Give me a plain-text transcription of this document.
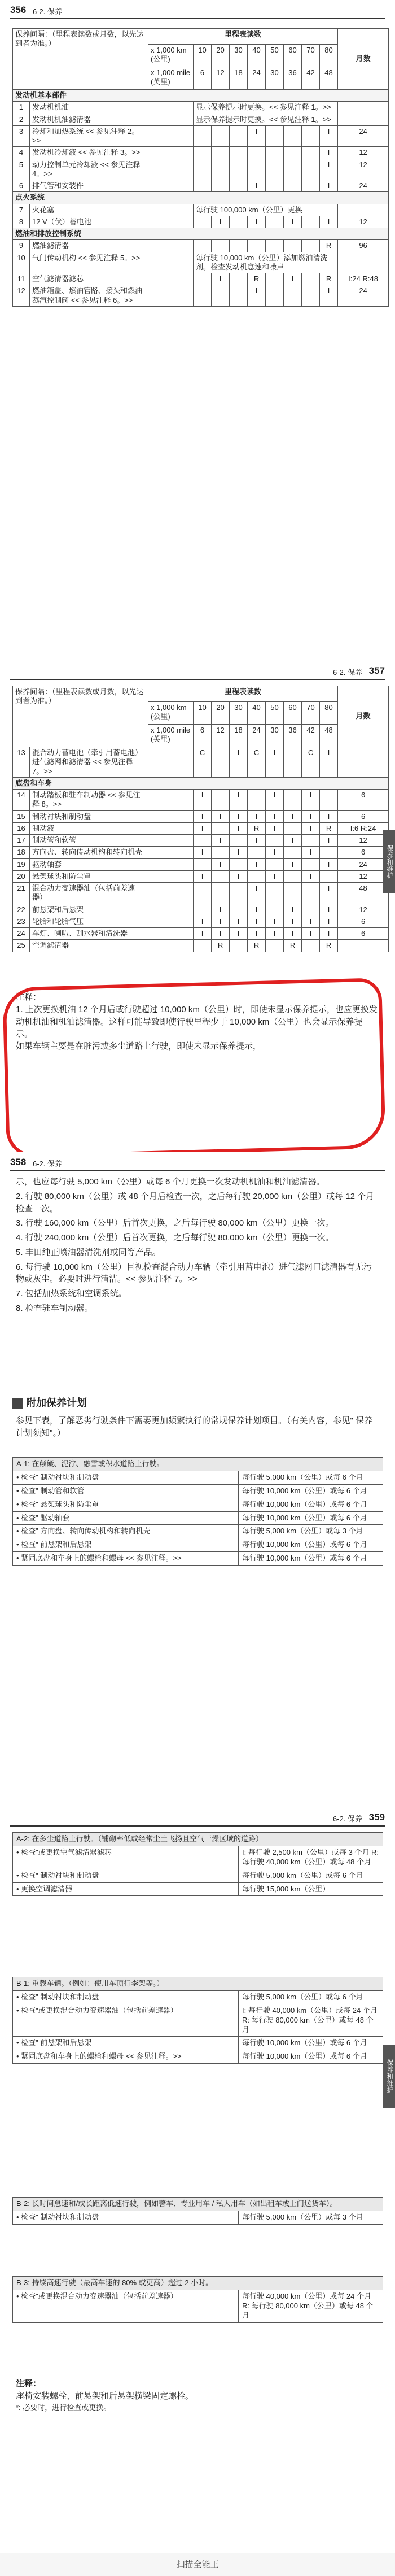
356 6-2. 保养
保养间隔：（里程表读数或月数，以先达到者为准。）		里程表读数									月数
		x 1,000 km (公里)	10	20	30	40	50	60	70	80	
		x 1,000 mile (英里)	6	12	18	24	30	36	42	48	
发动机基本部件											
1	发动机机油		显示保养提示时更换。<< 参见注释 1。>>								
2	发动机机油滤清器		显示保养提示时更换。<< 参见注释 1。>>								
3	冷却和加热系统 << 参见注释 2。>>					I				I	24
4	发动机冷却液 << 参见注释 3。>>									I	12
5	动力控制单元冷却液 << 参见注释 4。>>									I	12
6	排气管和安装件					I				I	24
点火系统											
7	火花塞		每行驶 100,000 km（公里）更换								
8	12 V（伏）蓄电池			I		I		I		I	12
燃油和排放控制系统											
9	燃油滤清器									R	96
10	气门传动机构 << 参见注释 5。>>		每行驶 10,000 km（公里）添加燃油清洗剂。检查发动机怠速和噪声								
11	空气滤清器滤芯			I		R		I		R	I:24 R:48
12	燃油箱盖、燃油管路、接头和燃油蒸汽控制阀 << 参见注释 6。>>					I				I	24
6-2. 保养 357
保养间隔：（里程表读数或月数，以先达到者为准。）		里程表读数									月数
		x 1,000 km (公里)	10	20	30	40	50	60	70	80	
		x 1,000 mile (英里)	6	12	18	24	30	36	42	48	
13	混合动力蓄电池（牵引用蓄电池）进气滤网和滤清器 << 参见注释 7。>>		C		I	C	I		C	I	
底盘和车身											
14	制动踏板和驻车制动器 << 参见注释 8。>>		I		I		I		I		6
15	制动衬块和制动盘		I	I	I	I	I	I	I	I	6
16	制动液		I		I	R	I		I	R	I:6 R:24
17	制动管和软管			I		I		I		I	12
18	方向盘、转向传动机构和转向机壳		I		I		I		I		6
19	驱动轴套			I		I		I		I	24
20	悬架球头和防尘罩		I		I		I		I		12
21	混合动力变速器油（包括前差速器）					I				I	48
22	前悬架和后悬架			I		I		I		I	12
23	轮胎和轮胎气压		I	I	I	I	I	I	I	I	6
24	车灯、喇叭、刮水器和清洗器		I	I	I	I	I	I	I	I	6
25	空调滤清器			R		R		R		R	
保养和维护
注释：
1. 上次更换机油 12 个月后或行驶超过 10,000 km（公里）时，即使未显示保养提示，也应更换发动机机油和机油滤清器。这样可能导致即使行驶里程少于 10,000 km（公里）也会显示保养提示。
如果车辆主要是在脏污或多尘道路上行驶，即使未显示保养提示，
358 6-2. 保养
示，也应每行驶 5,000 km（公里）或每 6 个月更换一次发动机机油和机油滤清器。
2. 行驶 80,000 km（公里）或 48 个月后检查一次，之后每行驶 20,000 km（公里）或每 12 个月检查一次。
3. 行驶 160,000 km（公里）后首次更换，之后每行驶 80,000 km（公里）更换一次。
4. 行驶 240,000 km（公里）后首次更换，之后每行驶 80,000 km（公里）更换一次。
5. 丰田纯正喷油器清洗剂或同等产品。
6. 每行驶 10,000 km（公里）目视检查混合动力车辆（牵引用蓄电池）进气滤网口滤清器有无污物或灰尘。必要时进行清洁。<< 参见注释 7。>>
7. 包括加热系统和空调系统。
8. 检查驻车制动器。
附加保养计划
参见下表，了解恶劣行驶条件下需要更加频繁执行的常规保养计划项目。（有关内容，参见" 保养计划须知"。）
A-1: 在颠簸、泥泞、融雪或积水道路上行驶。	
• 检查" 制动衬块和制动盘	每行驶 5,000 km（公里）或每 6 个月
• 检查" 制动管和软管	每行驶 10,000 km（公里）或每 6 个月
• 检查" 悬架球头和防尘罩	每行驶 10,000 km（公里）或每 6 个月
• 检查" 驱动轴套	每行驶 10,000 km（公里）或每 6 个月
• 检查" 方向盘、转向传动机构和转向机壳	每行驶 5,000 km（公里）或每 3 个月
• 检查" 前悬架和后悬架	每行驶 10,000 km（公里）或每 6 个月
• 紧固底盘和车身上的螺栓和螺母 << 参见注释。>>	每行驶 10,000 km（公里）或每 6 个月
6-2. 保养 359
A-2: 在多尘道路上行驶。（铺砌率低或经常尘土飞扬且空气干燥区域的道路）	
• 检查"或更换空气滤清器滤芯	I: 每行驶 2,500 km（公里）或每 3 个月 R: 每行驶 40,000 km（公里）或每 48 个月
• 检查" 制动衬块和制动盘	每行驶 5,000 km（公里）或每 6 个月
• 更换空调滤清器	每行驶 15,000 km（公里）
B-1: 重载车辆。（例如：使用车顶行李架等。）	
• 检查" 制动衬块和制动盘	每行驶 5,000 km（公里）或每 6 个月
• 检查"或更换混合动力变速器油（包括前差速器）	I: 每行驶 40,000 km（公里）或每 24 个月 R: 每行驶 80,000 km（公里）或每 48 个月
• 检查" 前悬架和后悬架	每行驶 10,000 km（公里）或每 6 个月
• 紧固底盘和车身上的螺栓和螺母 << 参见注释。>>	每行驶 10,000 km（公里）或每 6 个月
B-2: 长时间怠速和/或长距离低速行驶，例如警车、专业用车 / 私人用车（如出租车或上门送货车）。
• 检查" 制动衬块和制动盘	每行驶 5,000 km（公里）或每 3 个月
B-3: 持续高速行驶（最高车速的 80% 或更高）超过 2 小时。
• 检查"或更换混合动力变速器油（包括前差速器）	每行驶 40,000 km（公里）或每 24 个月 R: 每行驶 80,000 km（公里）或每 48 个月
注释：
座椅安装螺栓、前悬架和后悬架横梁固定螺栓。
*: 必要时，进行检查或更换。
保养和维护
扫描全能王
